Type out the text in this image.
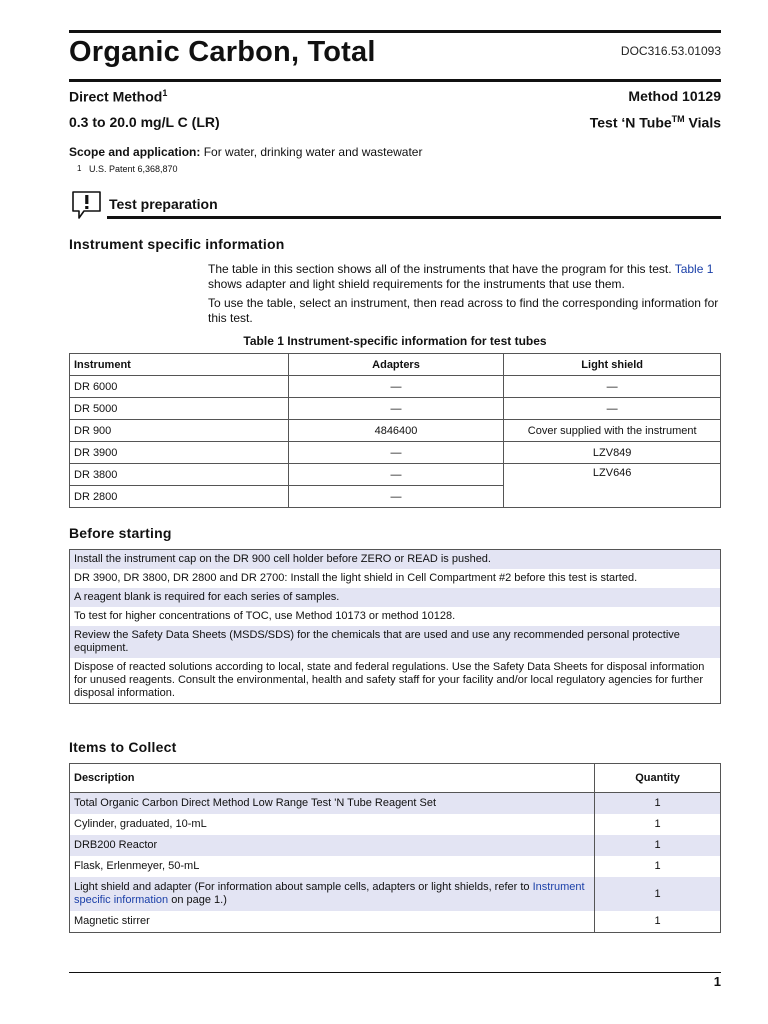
Organic Carbon, Total	DOC316.53.01093
Direct Method$^1$	Method 10129
0.3 to 20.0 mg/L C (LR)	Test ‘N Tube™ Vials
Scope and application: For water, drinking water and wastewater
1 U.S. Patent 6,368,870
Test preparation
Instrument specific information
The table in this section shows all of the instruments that have the program for this test. Table 1 shows adapter and light shield requirements for the instruments that use them.
To use the table, select an instrument, then read across to find the corresponding information for this test.
Table 1 Instrument-specific information for test tubes
Instrument	Adapters	Light shield
DR 6000	—	—
DR 5000	—	—
DR 900	4846400	Cover supplied with the instrument
DR 3900	—	LZV849
DR 3800	—	LZV646
DR 2800	—	
Before starting
Install the instrument cap on the DR 900 cell holder before ZERO or READ is pushed.
DR 3900, DR 3800, DR 2800 and DR 2700: Install the light shield in Cell Compartment #2 before this test is started.
A reagent blank is required for each series of samples.
To test for higher concentrations of TOC, use Method 10173 or method 10128.
Review the Safety Data Sheets (MSDS/SDS) for the chemicals that are used and use any recommended personal protective equipment.
Dispose of reacted solutions according to local, state and federal regulations. Use the Safety Data Sheets for disposal information for unused reagents. Consult the environmental, health and safety staff for your facility and/or local regulatory agencies for further disposal information.
Items to Collect
Description	Quantity
Total Organic Carbon Direct Method Low Range Test 'N Tube Reagent Set	1
Cylinder, graduated, 10-mL	1
DRB200 Reactor	1
Flask, Erlenmeyer, 50-mL	1
Light shield and adapter (For information about sample cells, adapters or light shields, refer to Instrument specific information on page 1.)	1
Magnetic stirrer	1
1
